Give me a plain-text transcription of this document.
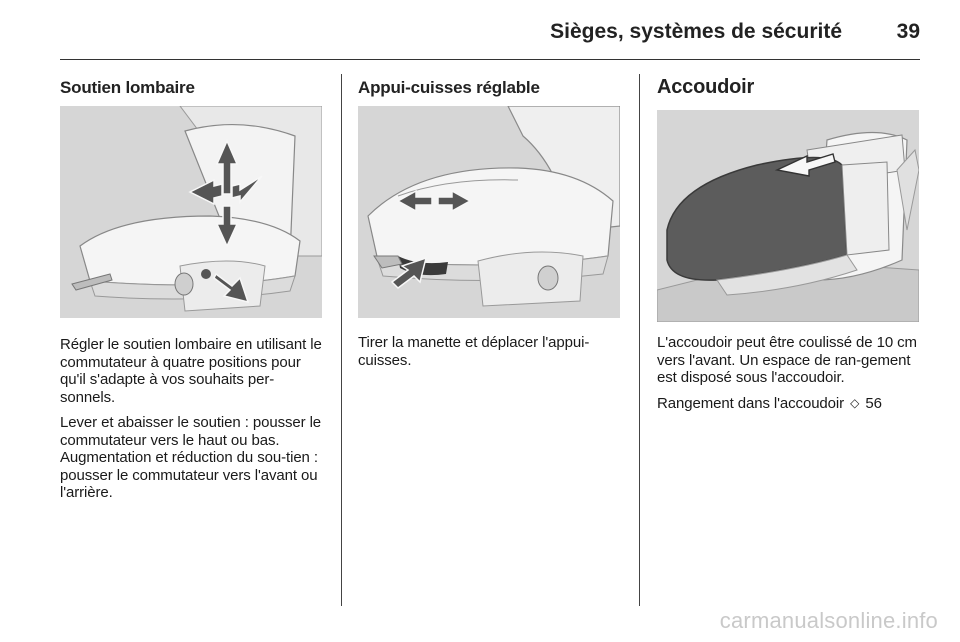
Sièges, systèmes de sécurité	39
Soutien lombaire

Régler le soutien lombaire en utilisant le commutateur à quatre positions pour qu'il s'adapte à vos souhaits per-sonnels.

Lever et abaisser le soutien : pousser le commutateur vers le haut ou bas. Augmentation et réduction du sou-tien : pousser le commutateur vers l'avant ou l'arrière.

Appui-cuisses réglable

Tirer la manette et déplacer l'appui-cuisses.

Accoudoir

L'accoudoir peut être coulissé de 10 cm vers l'avant. Un espace de ran-gement est disposé sous l'accoudoir.

Rangement dans l'accoudoir ◇ 56

carmanualsonline.info
